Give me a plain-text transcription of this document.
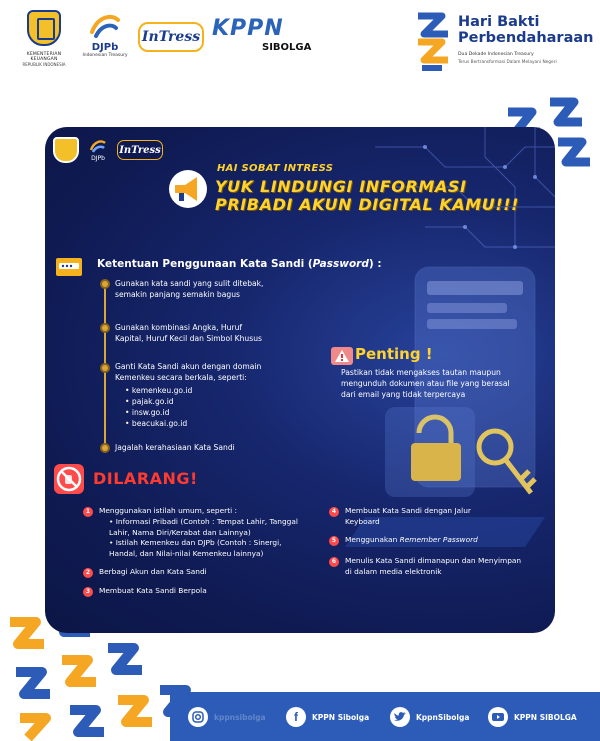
KEMENTERIAN KEUANGAN
REPUBLIK INDONESIA
DJPb
Indonesian Treasury
InTress KPPN
SIBOLGA
Hari Bakti
Perbendaharaan
Dua Dekade Indonesian Treasury
Terus Bertransformasi Dalam Melayani Negeri
DJPb
InTress
HAI SOBAT INTRESS
YUK LINDUNGI INFORMASI
PRIBADI AKUN DIGITAL KAMU!!!
Ketentuan Penggunaan Kata Sandi (Password) :
Gunakan kata sandi yang sulit ditebak, semakin panjang semakin bagus
Gunakan kombinasi Angka, Huruf Kapital, Huruf Kecil dan Simbol Khusus
Ganti Kata Sandi akun dengan domain Kemenkeu secara berkala, seperti:
• kemenkeu.go.id
• pajak.go.id
• insw.go.id
• beacukai.go.id
Jagalah kerahasiaan Kata Sandi
Penting !
Pastikan tidak mengakses tautan maupun mengunduh dokumen atau file yang berasal dari email yang tidak terpercaya
DILARANG!
1	Menggunakan istilah umum, seperti :
• Informasi Pribadi (Contoh : Tempat Lahir, Tanggal Lahir, Nama Diri/Kerabat dan Lainnya)
• Istilah Kemenkeu dan DJPb (Contoh : Sinergi, Handal, dan Nilai-nilai Kemenkeu lainnya)
2	Berbagi Akun dan Kata Sandi
3	Membuat Kata Sandi Berpola
4	Membuat Kata Sandi dengan Jalur Keyboard
5	Menggunakan Remember Password
6	Menulis Kata Sandi dimanapun dan Menyimpan di dalam media elektronik
kppnsibolga f KPPN Sibolga	KppnSibolga	KPPN SIBOLGA
